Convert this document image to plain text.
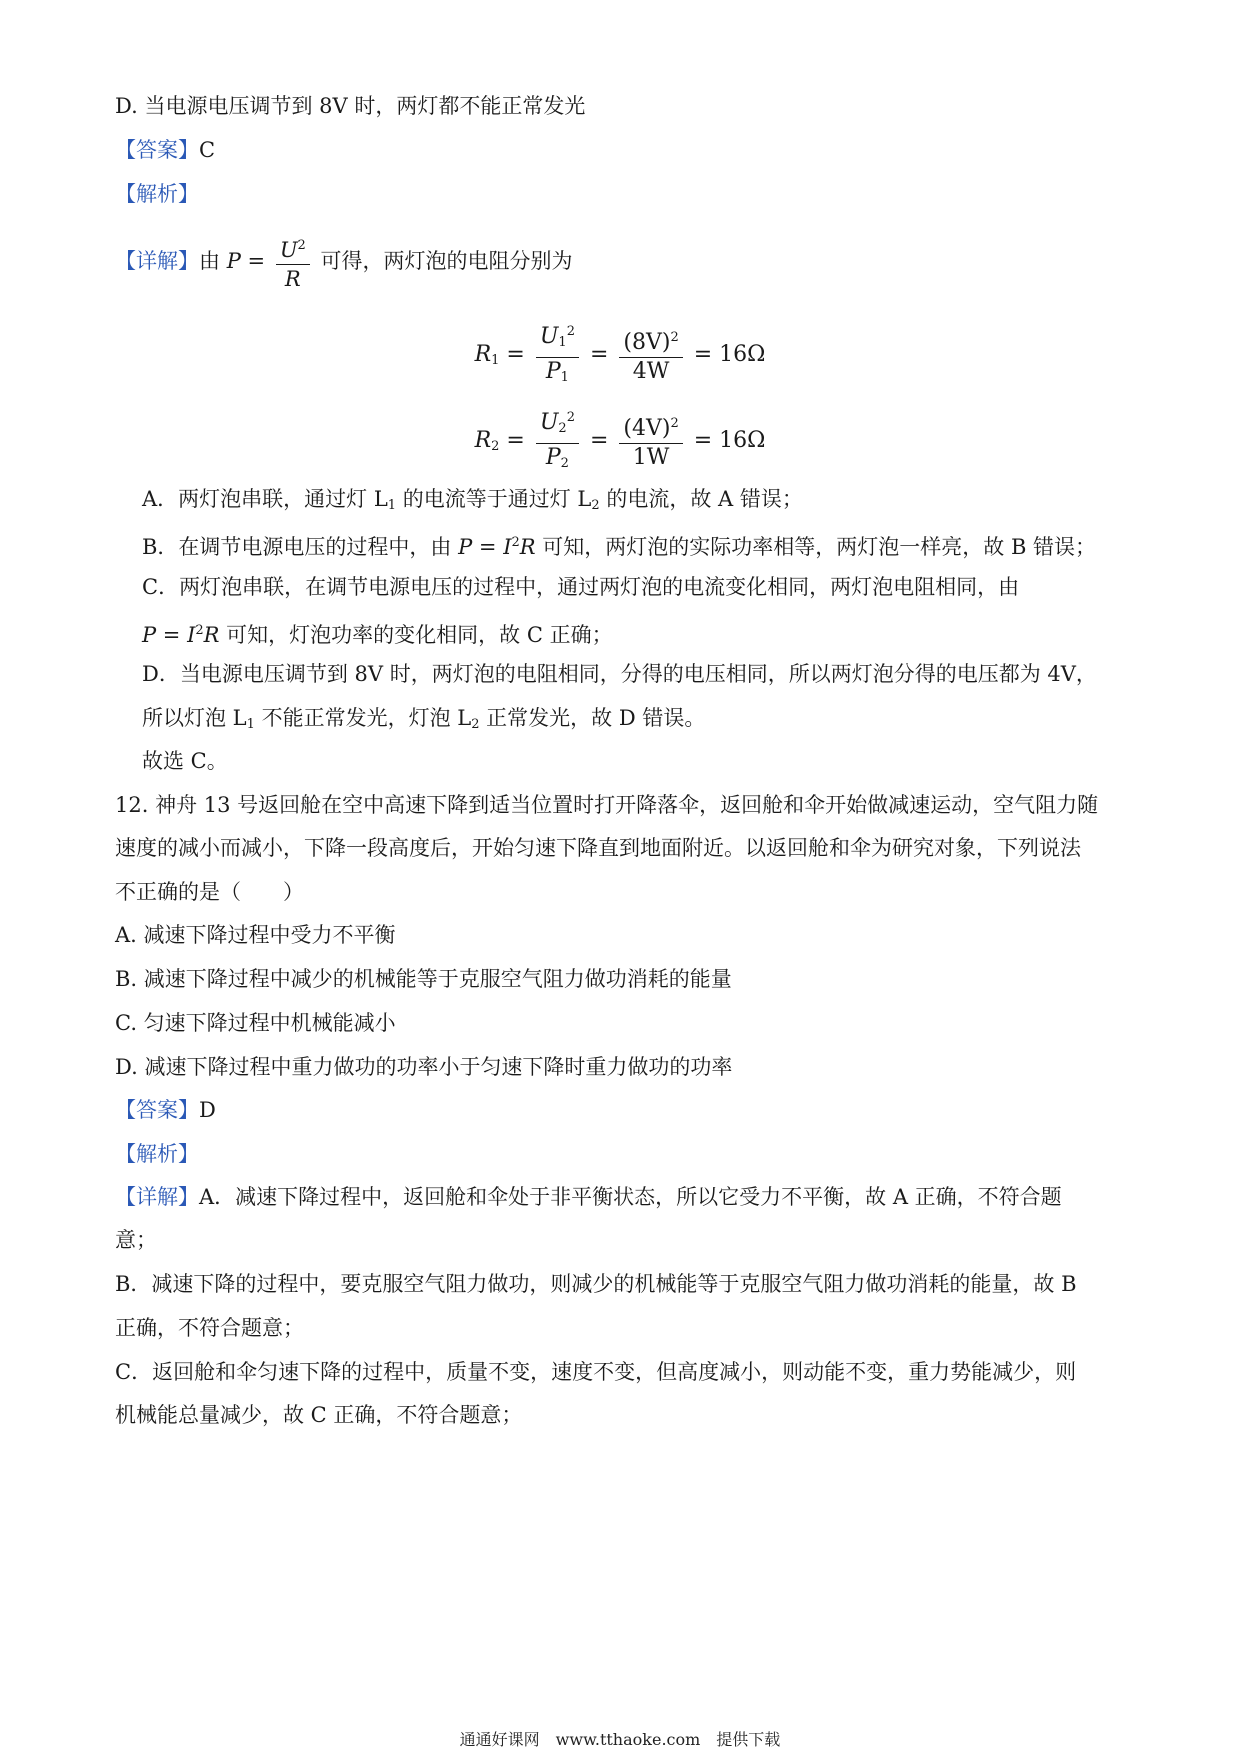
D. 当电源电压调节到 8V 时，两灯都不能正常发光
【答案】C
【解析】
【详解】由 $P = \frac{U^2}{R}$ 可得，两灯泡的电阻分别为
$R_1 = \frac{U_1^2}{P_1} = \frac{(8V)^2}{4W} = 16\Omega$
$R_2 = \frac{U_2^2}{P_2} = \frac{(4V)^2}{1W} = 16\Omega$
A．两灯泡串联，通过灯 $L_1$ 的电流等于通过灯 $L_2$ 的电流，故 A 错误；
B．在调节电源电压的过程中，由 $P = I^2R$ 可知，两灯泡的实际功率相等，两灯泡一样亮，故 B 错误；
C．两灯泡串联，在调节电源电压的过程中，通过两灯泡的电流变化相同，两灯泡电阻相同，由
$P = I^2R$ 可知，灯泡功率的变化相同，故 C 正确；
D．当电源电压调节到 8V 时，两灯泡的电阻相同，分得的电压相同，所以两灯泡分得的电压都为 4V，
所以灯泡 $L_1$ 不能正常发光，灯泡 $L_2$ 正常发光，故 D 错误。
故选 C。
12. 神舟 13 号返回舱在空中高速下降到适当位置时打开降落伞，返回舱和伞开始做减速运动，空气阻力随
速度的减小而减小，下降一段高度后，开始匀速下降直到地面附近。以返回舱和伞为研究对象，下列说法
不正确的是（　　）
A. 减速下降过程中受力不平衡
B. 减速下降过程中减少的机械能等于克服空气阻力做功消耗的能量
C. 匀速下降过程中机械能减小
D. 减速下降过程中重力做功的功率小于匀速下降时重力做功的功率
【答案】D
【解析】
【详解】A．减速下降过程中，返回舱和伞处于非平衡状态，所以它受力不平衡，故 A 正确，不符合题
意；
B．减速下降的过程中，要克服空气阻力做功，则减少的机械能等于克服空气阻力做功消耗的能量，故 B
正确，不符合题意；
C．返回舱和伞匀速下降的过程中，质量不变，速度不变，但高度减小，则动能不变，重力势能减少，则
机械能总量减少，故 C 正确，不符合题意；
通通好课网　www.tthaoke.com　提供下载
